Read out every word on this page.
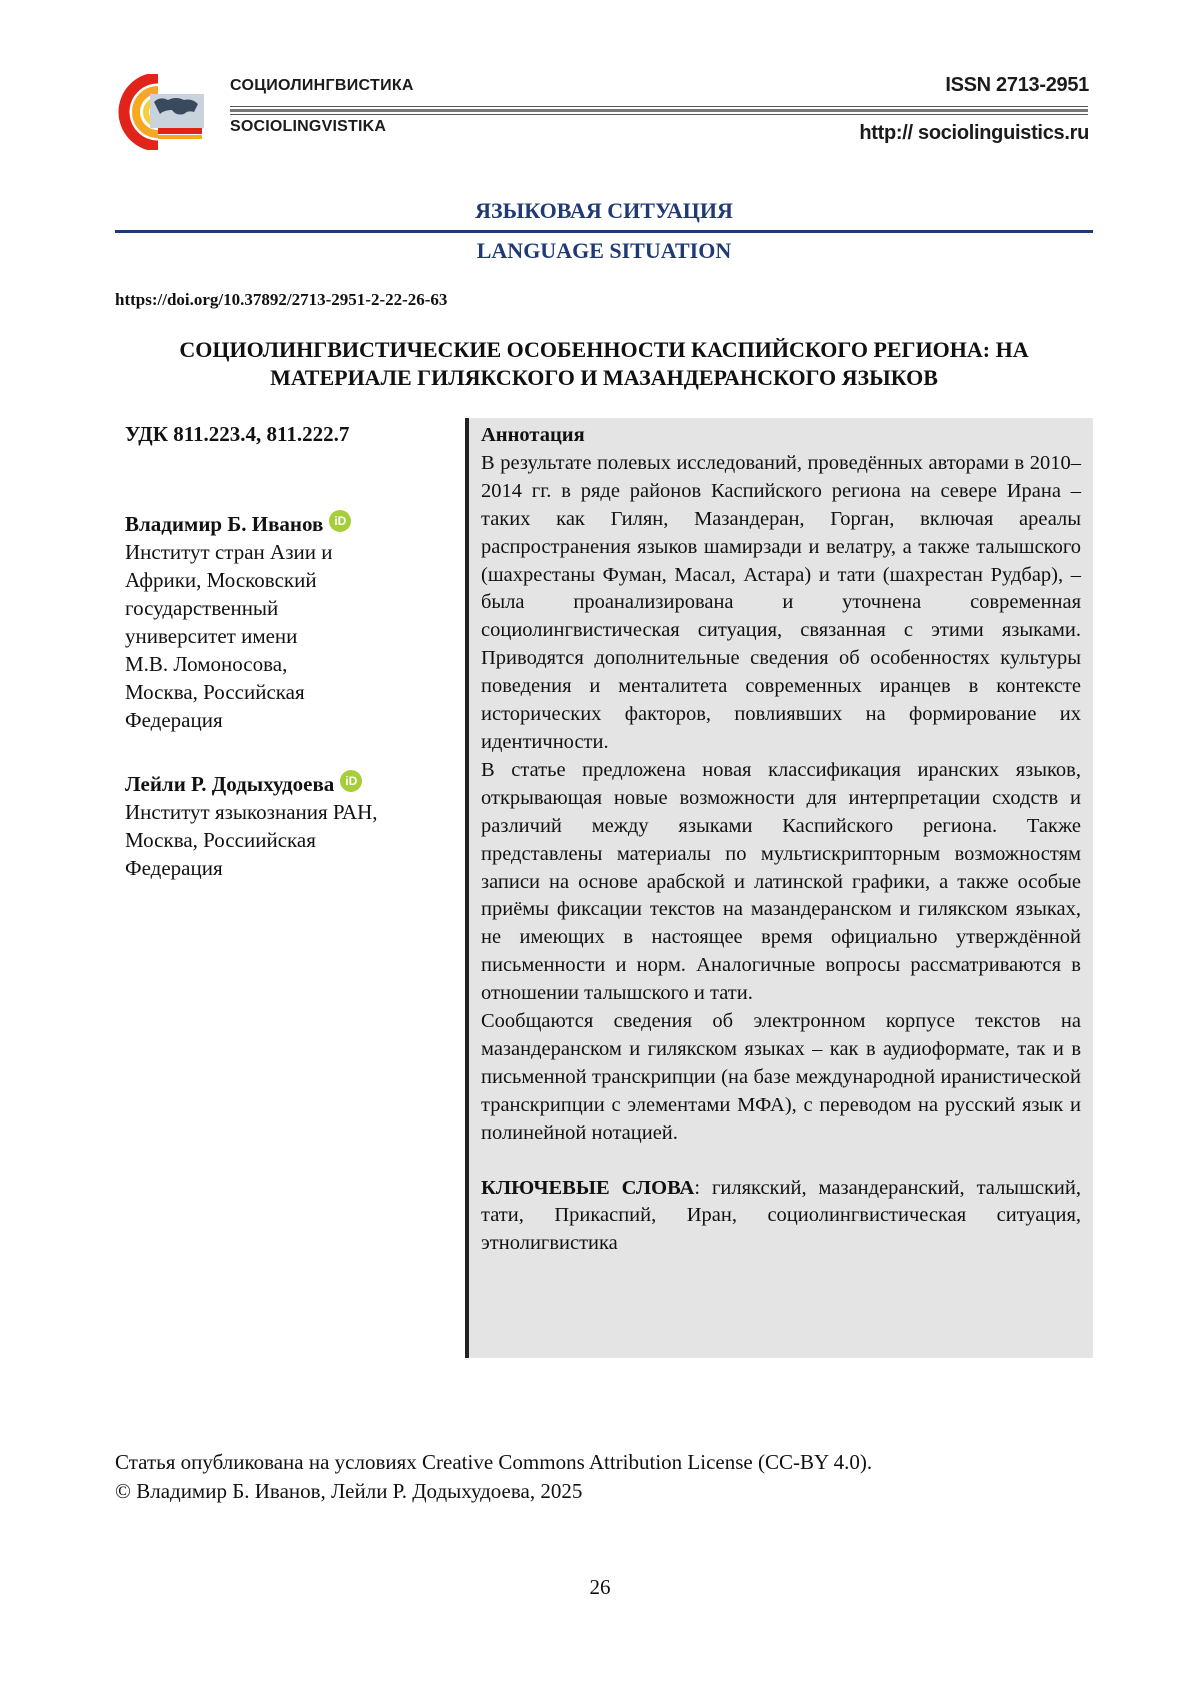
СОЦИОЛИНГВИСТИКА
SOCIOLINGVISTIKA
ISSN 2713-2951
http:// sociolinguistics.ru
ЯЗЫКОВАЯ СИТУАЦИЯ
LANGUAGE SITUATION
https://doi.org/10.37892/2713-2951-2-22-26-63
СОЦИОЛИНГВИСТИЧЕСКИЕ ОСОБЕННОСТИ КАСПИЙСКОГО РЕГИОНА: НА
МАТЕРИАЛЕ ГИЛЯКСКОГО И МАЗАНДЕРАНСКОГО ЯЗЫКОВ
УДК 811.223.4, 811.222.7
Владимир Б. Иванов iD
Институт стран Азии и
Африки, Московский
государственный
университет имени
М.В. Ломоносова,
Москва, Российская
Федерация
Лейли Р. Додыхудоева iD
Институт языкознания РАН,
Москва, Россиийская
Федерация
Аннотация

В результате полевых исследований, проведённых авторами в 2010–2014 гг. в ряде районов Каспийского региона на севере Ирана – таких как Гилян, Мазандеран, Горган, включая ареалы распространения языков шамирзади и велатру, а также талышского (шахрестаны Фуман, Масал, Астара) и тати (шахрестан Рудбар), – была проанализирована и уточнена современная социолингвистическая ситуация, связанная с этими языками. Приводятся дополнительные сведения об особенностях культуры поведения и менталитета современных иранцев в контексте исторических факторов, повлиявших на формирование их идентичности.

В статье предложена новая классификация иранских языков, открывающая новые возможности для интерпретации сходств и различий между языками Каспийского региона. Также представлены материалы по мультискрипторным возможностям записи на основе арабской и латинской графики, а также особые приёмы фиксации текстов на мазандеранском и гилякском языках, не имеющих в настоящее время официально утверждённой письменности и норм. Аналогичные вопросы рассматриваются в отношении талышского и тати.

Сообщаются сведения об электронном корпусе текстов на мазандеранском и гилякском языках – как в аудиоформате, так и в письменной транскрипции (на базе международной иранистической транскрипции с элементами МФА), с переводом на русский язык и полинейной нотацией.

КЛЮЧЕВЫЕ СЛОВА: гилякский, мазандеранский, талышский, тати, Прикаспий, Иран, социолингвистическая ситуация, этнолигвистика

Статья опубликована на условиях Creative Commons Attribution License (CC-BY 4.0).
© Владимир Б. Иванов, Лейли Р. Додыхудоева, 2025
26
